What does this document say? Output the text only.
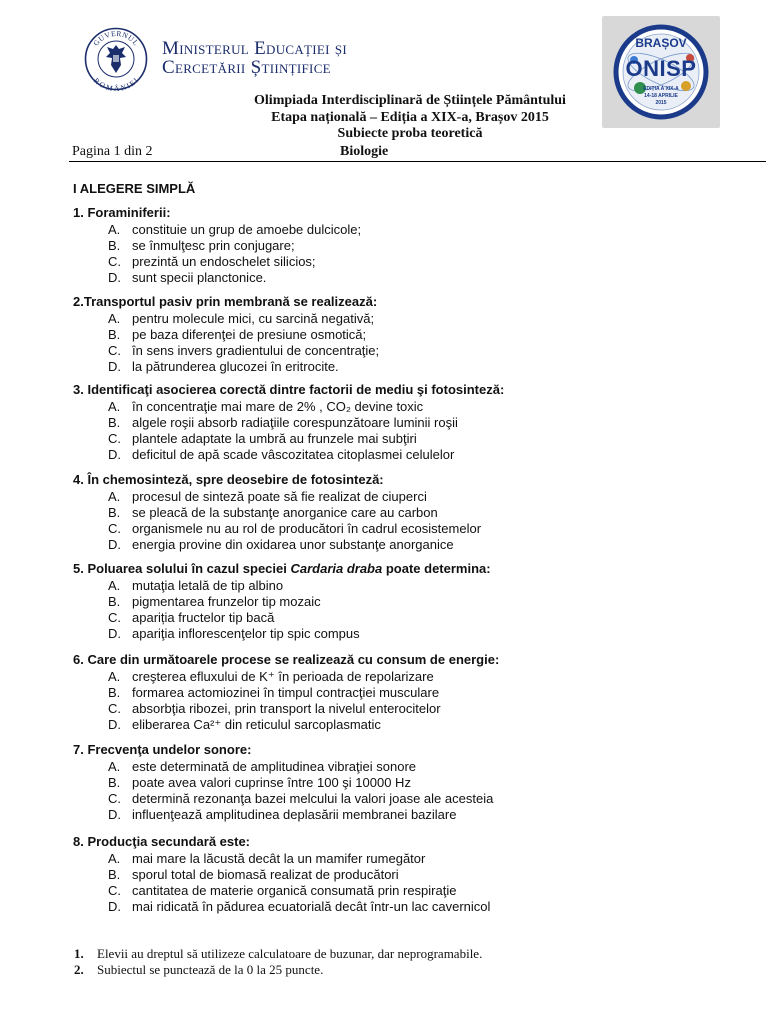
GUVERNUL
ROMÂNIEI
Ministerul Educației și
Cercetării Științifice
BRAȘOV
ONISP
EDIȚIA A XIX-A
14-18 APRILIE
2015
Olimpiada Interdisciplinară de Științele Pământului
Etapa națională – Ediția a XIX-a, Brașov 2015
Subiecte proba teoretică
Pagina 1 din 2	Biologie
I ALEGERE SIMPLĂ
1. Foraminiferii:
A. constituie un grup de amoebe dulcicole;
B. se înmulţesc prin conjugare;
C. prezintă un endoschelet silicios;
D. sunt specii planctonice.
2.Transportul pasiv prin membrană se realizează:
A. pentru molecule mici, cu sarcină negativă;
B. pe baza diferenţei de presiune osmotică;
C. în sens invers gradientului de concentraţie;
D. la pătrunderea glucozei în eritrocite.
3. Identificaţi asocierea corectă dintre factorii de mediu şi fotosinteză:
A. în concentraţie mai mare de 2% , CO₂ devine toxic
B. algele roşii absorb radiaţiile corespunzătoare luminii roşii
C. plantele adaptate la umbră au frunzele mai subţiri
D. deficitul de apă scade vâscozitatea citoplasmei celulelor
4. În chemosinteză, spre deosebire de fotosinteză:
A. procesul de sinteză poate să fie realizat de ciuperci
B. se pleacă de la substanţe anorganice care au carbon
C. organismele nu au rol de producători în cadrul ecosistemelor
D. energia provine din oxidarea unor substanţe anorganice
5. Poluarea solului în cazul speciei Cardaria draba poate determina:
A. mutaţia letală de tip albino
B. pigmentarea frunzelor tip mozaic
C. apariția fructelor tip bacă
D. apariţia inflorescenţelor tip spic compus
6. Care din următoarele procese se realizează cu consum de energie:
A. creşterea efluxului de K⁺ în perioada de repolarizare
B. formarea actomiozinei în timpul contracţiei musculare
C. absorbţia ribozei, prin transport la nivelul enterocitelor
D. eliberarea Ca²⁺ din reticulul sarcoplasmatic
7. Frecvenţa undelor sonore:
A. este determinată de amplitudinea vibraţiei sonore
B. poate avea valori cuprinse între 100 şi 10000 Hz
C. determină rezonanţa bazei melcului la valori joase ale acesteia
D. influenţează amplitudinea deplasării membranei bazilare
8. Producţia secundară este:
A. mai mare la lăcustă decât la un mamifer rumegător
B. sporul total de biomasă realizat de producători
C. cantitatea de materie organică consumată prin respiraţie
D. mai ridicată în pădurea ecuatorială decât într-un lac cavernicol
1. Elevii au dreptul să utilizeze calculatoare de buzunar, dar neprogramabile.
2. Subiectul se punctează de la 0 la 25 puncte.
